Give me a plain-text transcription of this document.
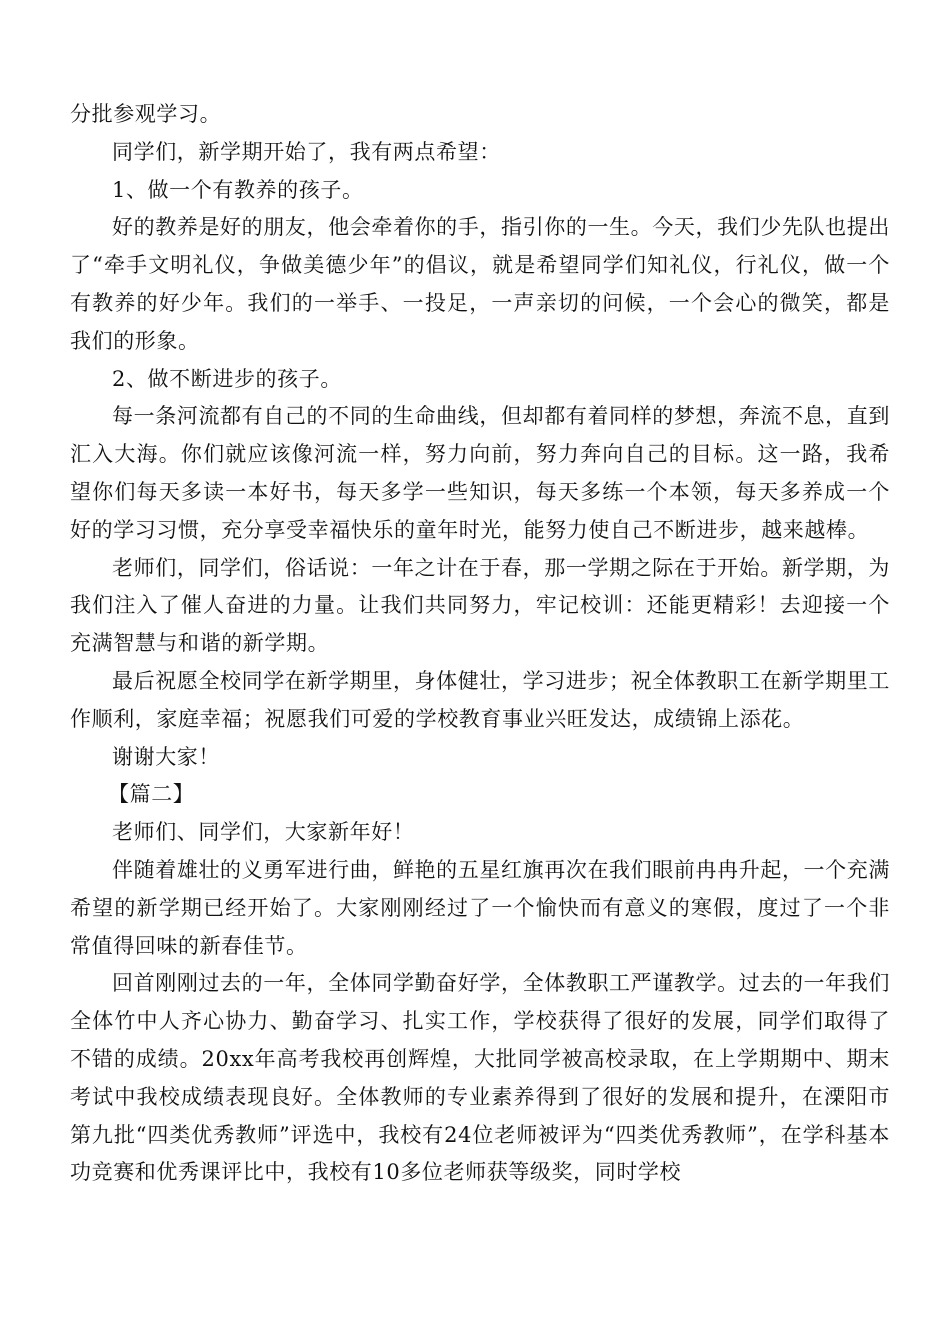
分批参观学习。

同学们，新学期开始了，我有两点希望：

1、做一个有教养的孩子。

好的教养是好的朋友，他会牵着你的手，指引你的一生。今天，我们少先队也提出了“牵手文明礼仪，争做美德少年”的倡议，就是希望同学们知礼仪，行礼仪，做一个有教养的好少年。我们的一举手、一投足，一声亲切的问候，一个会心的微笑，都是我们的形象。

2、做不断进步的孩子。

每一条河流都有自己的不同的生命曲线，但却都有着同样的梦想，奔流不息，直到汇入大海。你们就应该像河流一样，努力向前，努力奔向自己的目标。这一路，我希望你们每天多读一本好书，每天多学一些知识，每天多练一个本领，每天多养成一个好的学习习惯，充分享受幸福快乐的童年时光，能努力使自己不断进步，越来越棒。

老师们，同学们，俗话说：一年之计在于春，那一学期之际在于开始。新学期，为我们注入了催人奋进的力量。让我们共同努力，牢记校训：还能更精彩！去迎接一个充满智慧与和谐的新学期。

最后祝愿全校同学在新学期里，身体健壮，学习进步；祝全体教职工在新学期里工作顺利，家庭幸福；祝愿我们可爱的学校教育事业兴旺发达，成绩锦上添花。

谢谢大家！

【篇二】

老师们、同学们，大家新年好！

伴随着雄壮的义勇军进行曲，鲜艳的五星红旗再次在我们眼前冉冉升起，一个充满希望的新学期已经开始了。大家刚刚经过了一个愉快而有意义的寒假，度过了一个非常值得回味的新春佳节。

回首刚刚过去的一年，全体同学勤奋好学，全体教职工严谨教学。过去的一年我们全体竹中人齐心协力、勤奋学习、扎实工作，学校获得了很好的发展，同学们取得了不错的成绩。20xx年高考我校再创辉煌，大批同学被高校录取，在上学期期中、期末考试中我校成绩表现良好。全体教师的专业素养得到了很好的发展和提升，在溧阳市第九批“四类优秀教师”评选中，我校有24位老师被评为“四类优秀教师”，在学科基本功竞赛和优秀课评比中，我校有10多位老师获等级奖，同时学校
